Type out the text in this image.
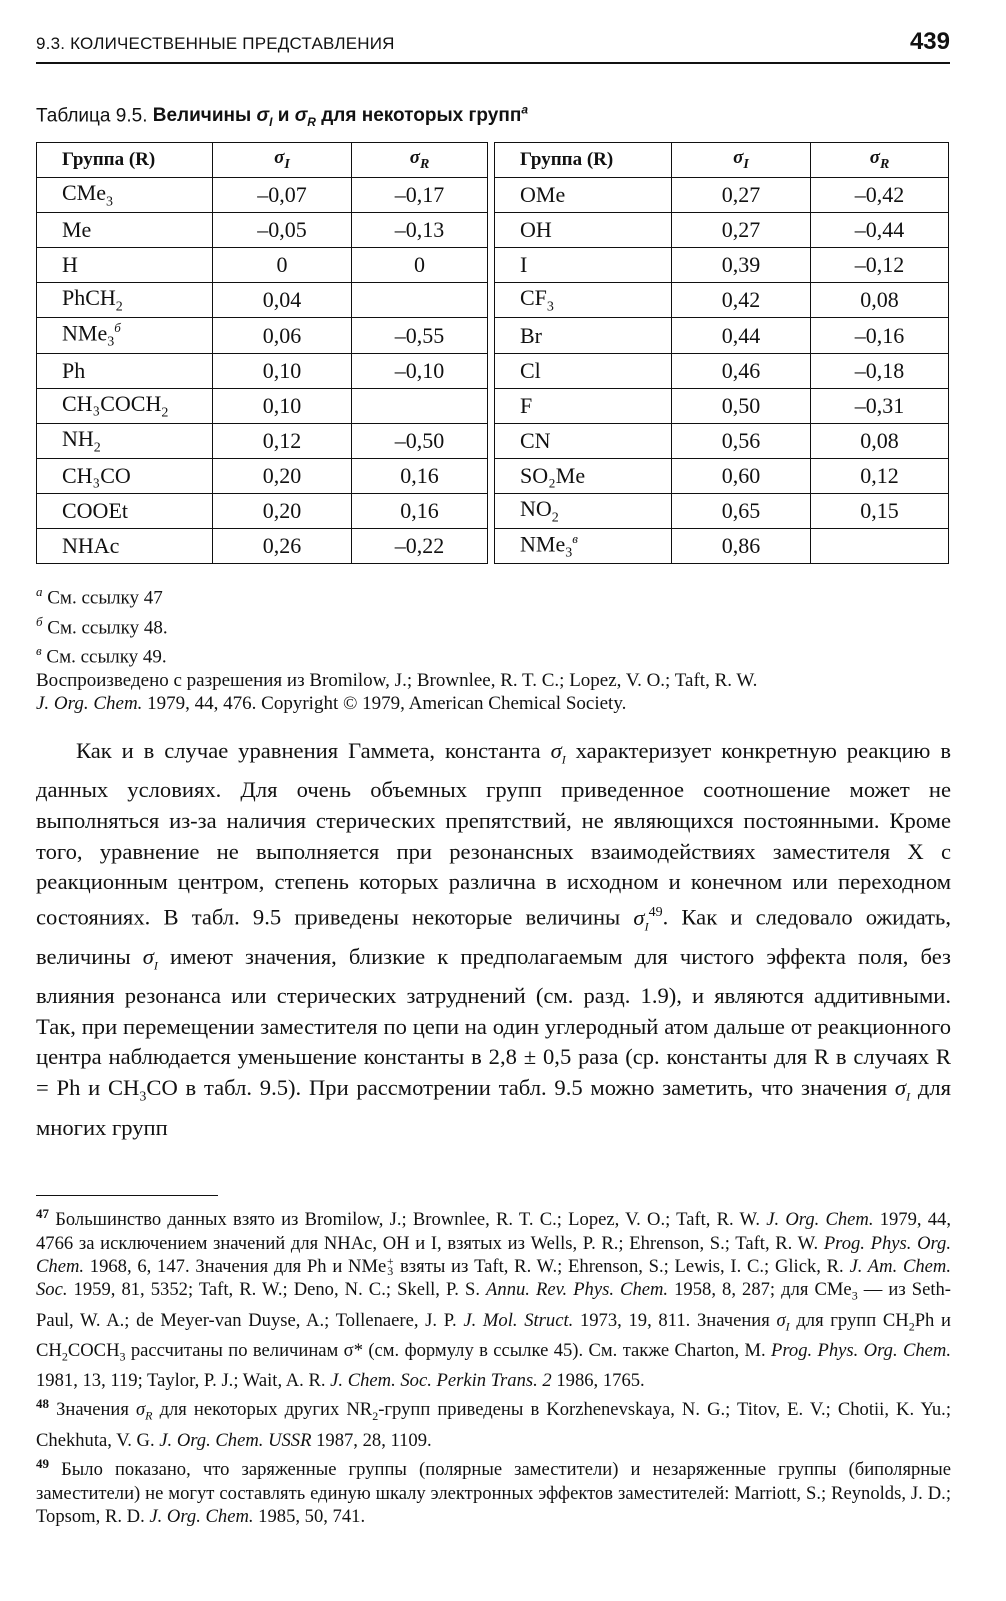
9.3. КОЛИЧЕСТВЕННЫЕ ПРЕДСТАВЛЕНИЯ	439
Таблица 9.5. Величины $\sigma_I$ и $\sigma_R$ для некоторых групп$^а$
Группа (R)	$\sigma_I$	$\sigma_R$		Группа (R)	$\sigma_I$	$\sigma_R$
CMe$_3$	–0,07	–0,17		OMe	0,27	–0,42
Me	–0,05	–0,13		OH	0,27	–0,44
H	0	0		I	0,39	–0,12
PhCH$_2$	0,04			$CF_3$	0,42	0,08
NMe$_3^б$	0,06	–0,55		Br	0,44	–0,16
Ph	0,10	–0,10		Cl	0,46	–0,18
$CH_3COCH_2$	0,10			F	0,50	–0,31
$NH_2$	0,12	–0,50		CN	0,56	0,08
CH₃CO	0,20	0,16		SO₂Me	0,60	0,12
COOEt	0,20	0,16		$NO_2$	0,65	0,15
NHAc	0,26	–0,22		NMe$_3^в$	0,86	
$^а$ См. ссылку 47
$^б$ См. ссылку 48.
$^в$ См. ссылку 49.
Воспроизведено с разрешения из Bromilow, J.; Brownlee, R. T. C.; Lopez, V. O.; Taft, R. W.
J. Org. Chem. 1979, 44, 476. Copyright © 1979, American Chemical Society.

Как и в случае уравнения Гаммета, константа $\sigma_I$ характеризует конкретную реакцию в данных условиях. Для очень объемных групп приведенное соотношение может не выполняться из-за наличия стерических препятствий, не являющихся постоянными. Кроме того, уравнение не выполняется при резонансных взаимодействиях заместителя X с реакционным центром, степень которых различна в исходном и конечном или переходном состояниях. В табл. 9.5 приведены некоторые величины $\sigma_I^{49}$. Как и следовало ожидать, величины $\sigma_I$ имеют значения, близкие к предполагаемым для чистого эффекта поля, без влияния резонанса или стерических затруднений (см. разд. 1.9), и являются аддитивными. Так, при перемещении заместителя по цепи на один углеродный атом дальше от реакционного центра наблюдается уменьшение константы в 2,8 ± 0,5 раза (ср. константы для R в случаях R = Ph и $CH_3CO$ в табл. 9.5). При рассмотрении табл. 9.5 можно заметить, что значения $\sigma_I$ для многих групп

$^{47}$ Большинство данных взято из Bromilow, J.; Brownlee, R. T. C.; Lopez, V. O.; Taft, R. W. J. Org. Chem. 1979, 44, 4766 за исключением значений для NHAc, OH и I, взятых из Wells, P. R.; Ehrenson, S.; Taft, R. W. Prog. Phys. Org. Chem. 1968, 6, 147. Значения для Ph и NMe +
3 взяты из Taft, R. W.; Ehrenson, S.; Lewis, I. C.; Glick, R. J. Am. Chem. Soc. 1959, 81, 5352; Taft, R. W.; Deno, N. C.; Skell, P. S. Annu. Rev. Phys. Chem. 1958, 8, 287; для CMe$_3$ — из Seth-Paul, W. A.; de Meyer-van Duyse, A.; Tollenaere, J. P. J. Mol. Struct. 1973, 19, 811. Значения $\sigma_I$ для групп $CH_2Ph$ и $CH_2COCH_3$ рассчитаны по величинам σ* (см. формулу в ссылке 45). См. также Charton, M. Prog. Phys. Org. Chem. 1981, 13, 119; Taylor, P. J.; Wait, A. R. J. Chem. Soc. Perkin Trans. 2 1986, 1765.

$^{48}$ Значения $\sigma_R$ для некоторых других $NR_2$-групп приведены в Korzhenevskaya, N. G.; Titov, E. V.; Chotii, K. Yu.; Chekhuta, V. G. J. Org. Chem. USSR 1987, 28, 1109.

$^{49}$ Было показано, что заряженные группы (полярные заместители) и незаряженные группы (биполярные заместители) не могут составлять единую шкалу электронных эффектов заместителей: Marriott, S.; Reynolds, J. D.; Topsom, R. D. J. Org. Chem. 1985, 50, 741.
